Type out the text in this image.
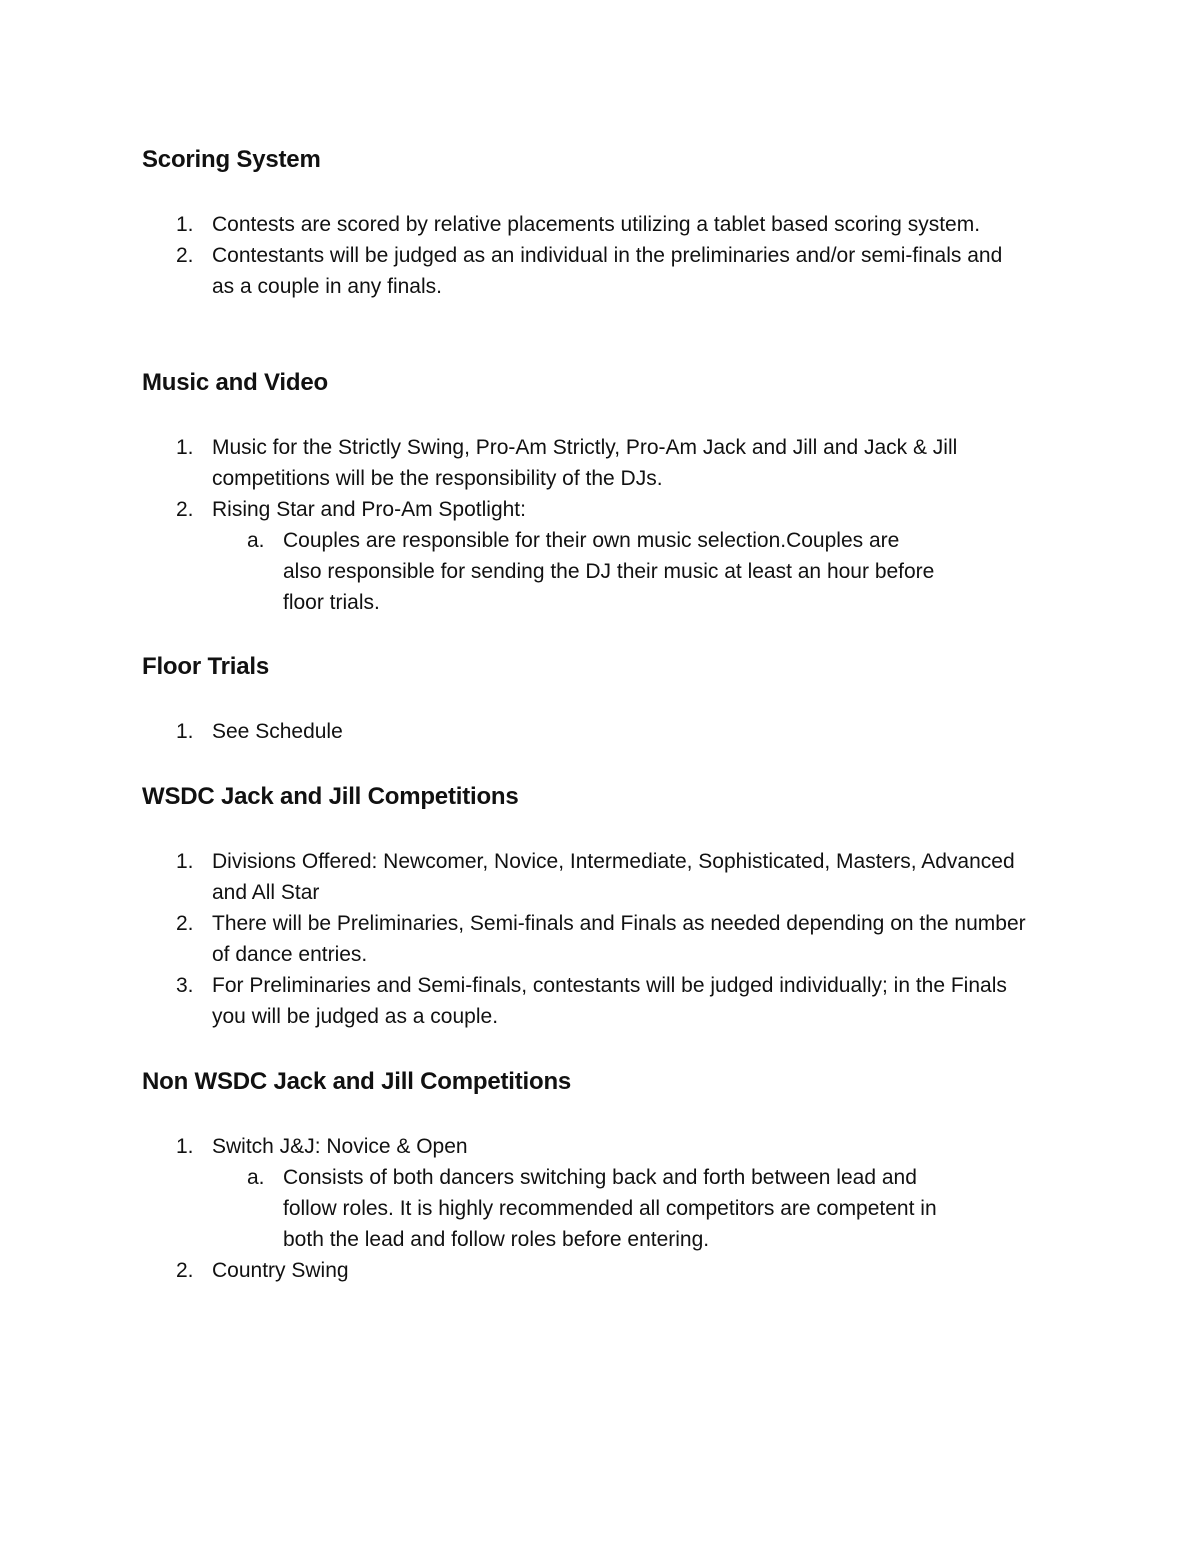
Scoring System
1. Contests are scored by relative placements utilizing a tablet based scoring system.
2. Contestants will be judged as an individual in the preliminaries and/or semi-finals and as a couple in any finals.
Music and Video
1. Music for the Strictly Swing, Pro-Am Strictly, Pro-Am Jack and Jill and Jack & Jill competitions will be the responsibility of the DJs.
2. Rising Star and Pro-Am Spotlight:
a. Couples are responsible for their own music selection.Couples are also responsible for sending the DJ their music at least an hour before floor trials.
Floor Trials
1. See Schedule
WSDC Jack and Jill Competitions
1. Divisions Offered: Newcomer, Novice, Intermediate, Sophisticated, Masters, Advanced and All Star
2. There will be Preliminaries, Semi-finals and Finals as needed depending on the number of dance entries.
3. For Preliminaries and Semi-finals, contestants will be judged individually; in the Finals you will be judged as a couple.
Non WSDC Jack and Jill Competitions
1. Switch J&J: Novice & Open
a. Consists of both dancers switching back and forth between lead and follow roles. It is highly recommended all competitors are competent in both the lead and follow roles before entering.
2. Country Swing
